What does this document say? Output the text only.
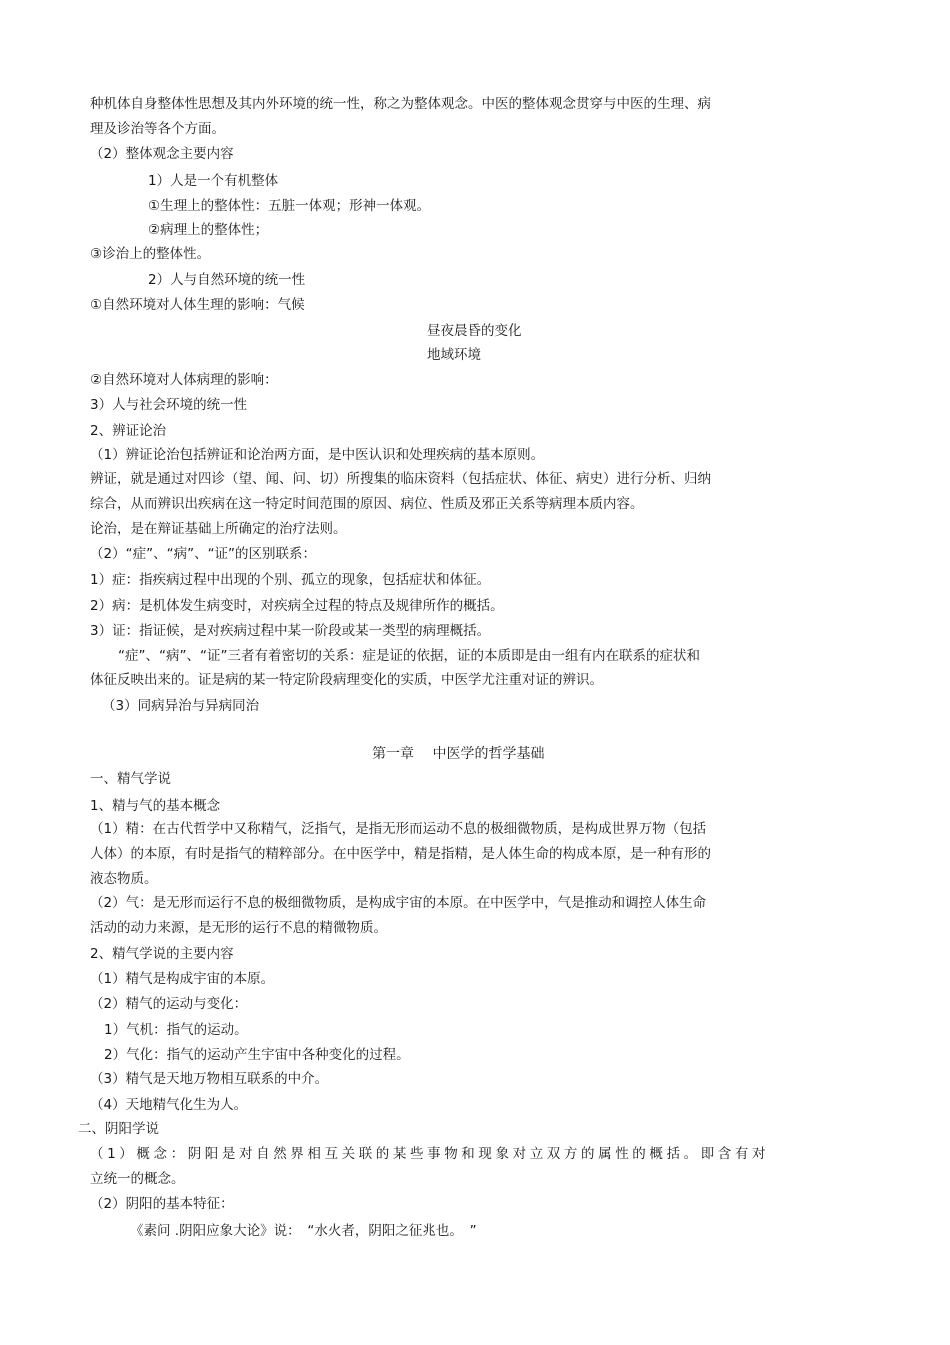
种机体自身整体性思想及其内外环境的统一性，称之为整体观念。中医的整体观念贯穿与中医的生理、病
理及诊治等各个方面。
（2）整体观念主要内容
1）人是一个有机整体
①生理上的整体性：五脏一体观；形神一体观。
②病理上的整体性；
③诊治上的整体性。
2）人与自然环境的统一性
①自然环境对人体生理的影响：气候
昼夜晨昏的变化
地域环境
②自然环境对人体病理的影响：
3）人与社会环境的统一性
2、辨证论治
（1）辨证论治包括辨证和论治两方面，是中医认识和处理疾病的基本原则。
辨证，就是通过对四诊（望、闻、问、切）所搜集的临床资料（包括症状、体征、病史）进行分析、归纳
综合，从而辨识出疾病在这一特定时间范围的原因、病位、性质及邪正关系等病理本质内容。
论治，是在辩证基础上所确定的治疗法则。
（2）“症”、“病”、“证”的区别联系：
1）症：指疾病过程中出现的个别、孤立的现象，包括症状和体征。
2）病：是机体发生病变时，对疾病全过程的特点及规律所作的概括。
3）证：指证候，是对疾病过程中某一阶段或某一类型的病理概括。
“症”、“病”、“证”三者有着密切的关系：症是证的依据，证的本质即是由一组有内在联系的症状和
体征反映出来的。证是病的某一特定阶段病理变化的实质，中医学尤注重对证的辨识。
（3）同病异治与异病同治
第一章　 中医学的哲学基础
一、精气学说
1、精与气的基本概念
（1）精：在古代哲学中又称精气，泛指气，是指无形而运动不息的极细微物质，是构成世界万物（包括
人体）的本原，有时是指气的精粹部分。在中医学中，精是指精，是人体生命的构成本原，是一种有形的
液态物质。
（2）气：是无形而运行不息的极细微物质，是构成宇宙的本原。在中医学中，气是推动和调控人体生命
活动的动力来源，是无形的运行不息的精微物质。
2、精气学说的主要内容
（1）精气是构成宇宙的本原。
（2）精气的运动与变化：
1）气机：指气的运动。
2）气化：指气的运动产生宇宙中各种变化的过程。
（3）精气是天地万物相互联系的中介。
（4）天地精气化生为人。
二、阴阳学说
（1）概念：阴阳是对自然界相互关联的某些事物和现象对立双方的属性的概括。即含有对
立统一的概念。
（2）阴阳的基本特征：
《素问 .阴阳应象大论》说：　“水火者，阴阳之征兆也。　”
